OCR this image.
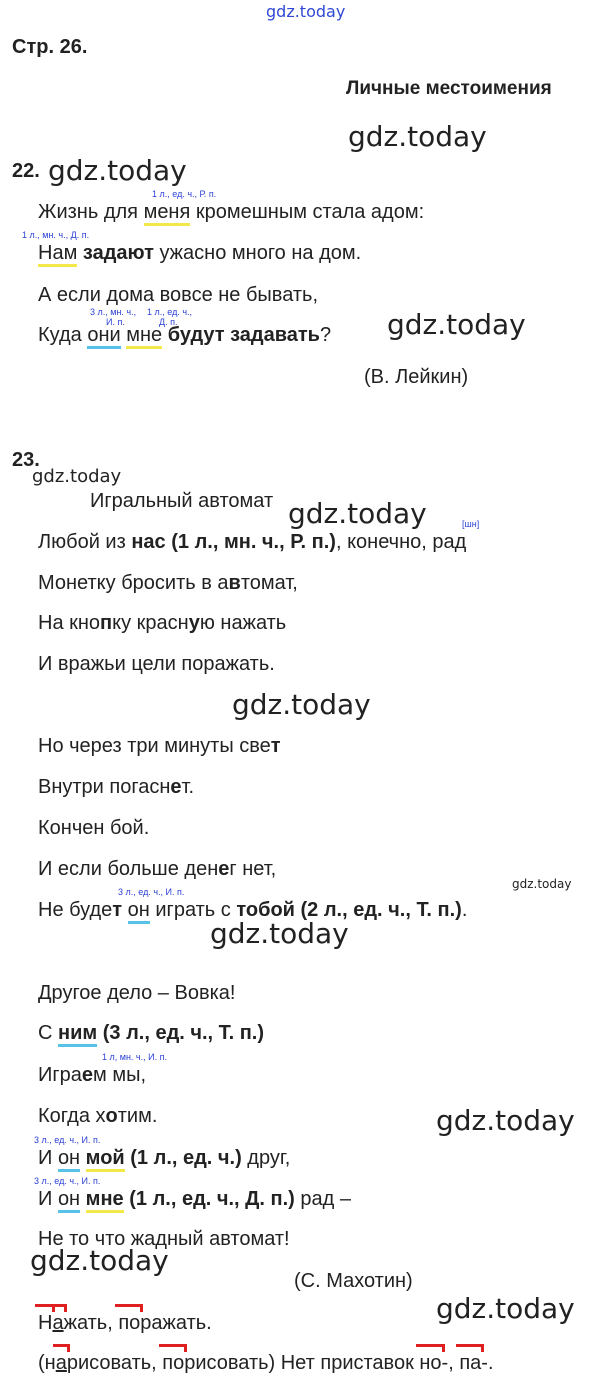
gdz.today
gdz.today
gdz.today
gdz.today
gdz.today
gdz.today
gdz.today
gdz.today
gdz.today
gdz.today
gdz.today
gdz.today
Стр. 26.
Личные местоимения
22.
1 л., ед. ч., Р. п.
Жизнь для меня кромешным стала адом:
1 л., мн. ч., Д. п.
Нам задают ужасно много на дом.
А если дома вовсе не бывать,
3 л., мн. ч.,
И. п.
1 л., ед. ч.,
Д. п.
Куда они мне будут задавать?
(В. Лейкин)
23.
Игральный автомат
[шн]
Любой из нас (1 л., мн. ч., Р. п.), конечно, рад
Монетку бросить в автомат,
На кнопку красную нажать
И вражьи цели поражать.
Но через три минуты свет
Внутри погаснет.
Кончен бой.
И если больше денег нет,
3 л., ед. ч., И. п.
Не будет он играть с тобой (2 л., ед. ч., Т. п.).
Другое дело – Вовка!
С ним (3 л., ед. ч., Т. п.)
1 л, мн. ч., И. п.
Играем мы,
Когда хотим.
3 л., ед. ч., И. п.
И он мой (1 л., ед. ч.) друг,
3 л., ед. ч., И. п.
И он мне (1 л., ед. ч., Д. п.) рад –
Не то что жадный автомат!
(С. Махотин)
Нажать, поражать.
(нарисовать, порисовать) Нет приставок но-, па-.
